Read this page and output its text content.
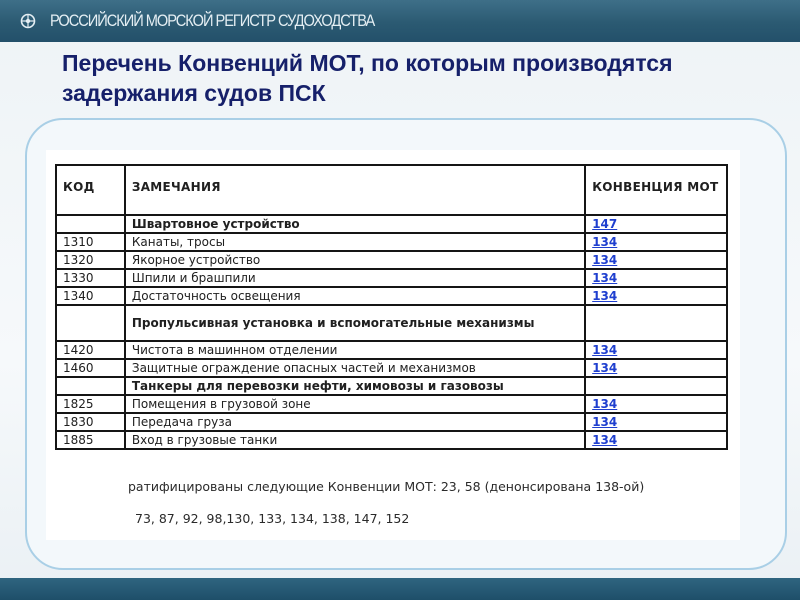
РОССИЙСКИЙ МОРСКОЙ РЕГИСТР СУДОХОДСТВА
Перечень Конвенций МОТ, по которым производятся задержания судов ПСК
КОД	ЗАМЕЧАНИЯ	КОНВЕНЦИЯ МОТ
	Швартовное устройство	147
1310	Канаты, тросы	134
1320	Якорное устройство	134
1330	Шпили и брашпили	134
1340	Достаточность освещения	134
	Пропульсивная установка и вспомогательные механизмы	
1420	Чистота в машинном отделении	134
1460	Защитные ограждение опасных частей и механизмов	134
	Танкеры для перевозки нефти, химовозы и газовозы	
1825	Помещения в грузовой зоне	134
1830	Передача груза	134
1885	Вход в грузовые танки	134
ратифицированы следующие Конвенции МОТ: 23, 58 (денонсирована 138-ой)
73, 87, 92, 98,130, 133, 134, 138, 147, 152
